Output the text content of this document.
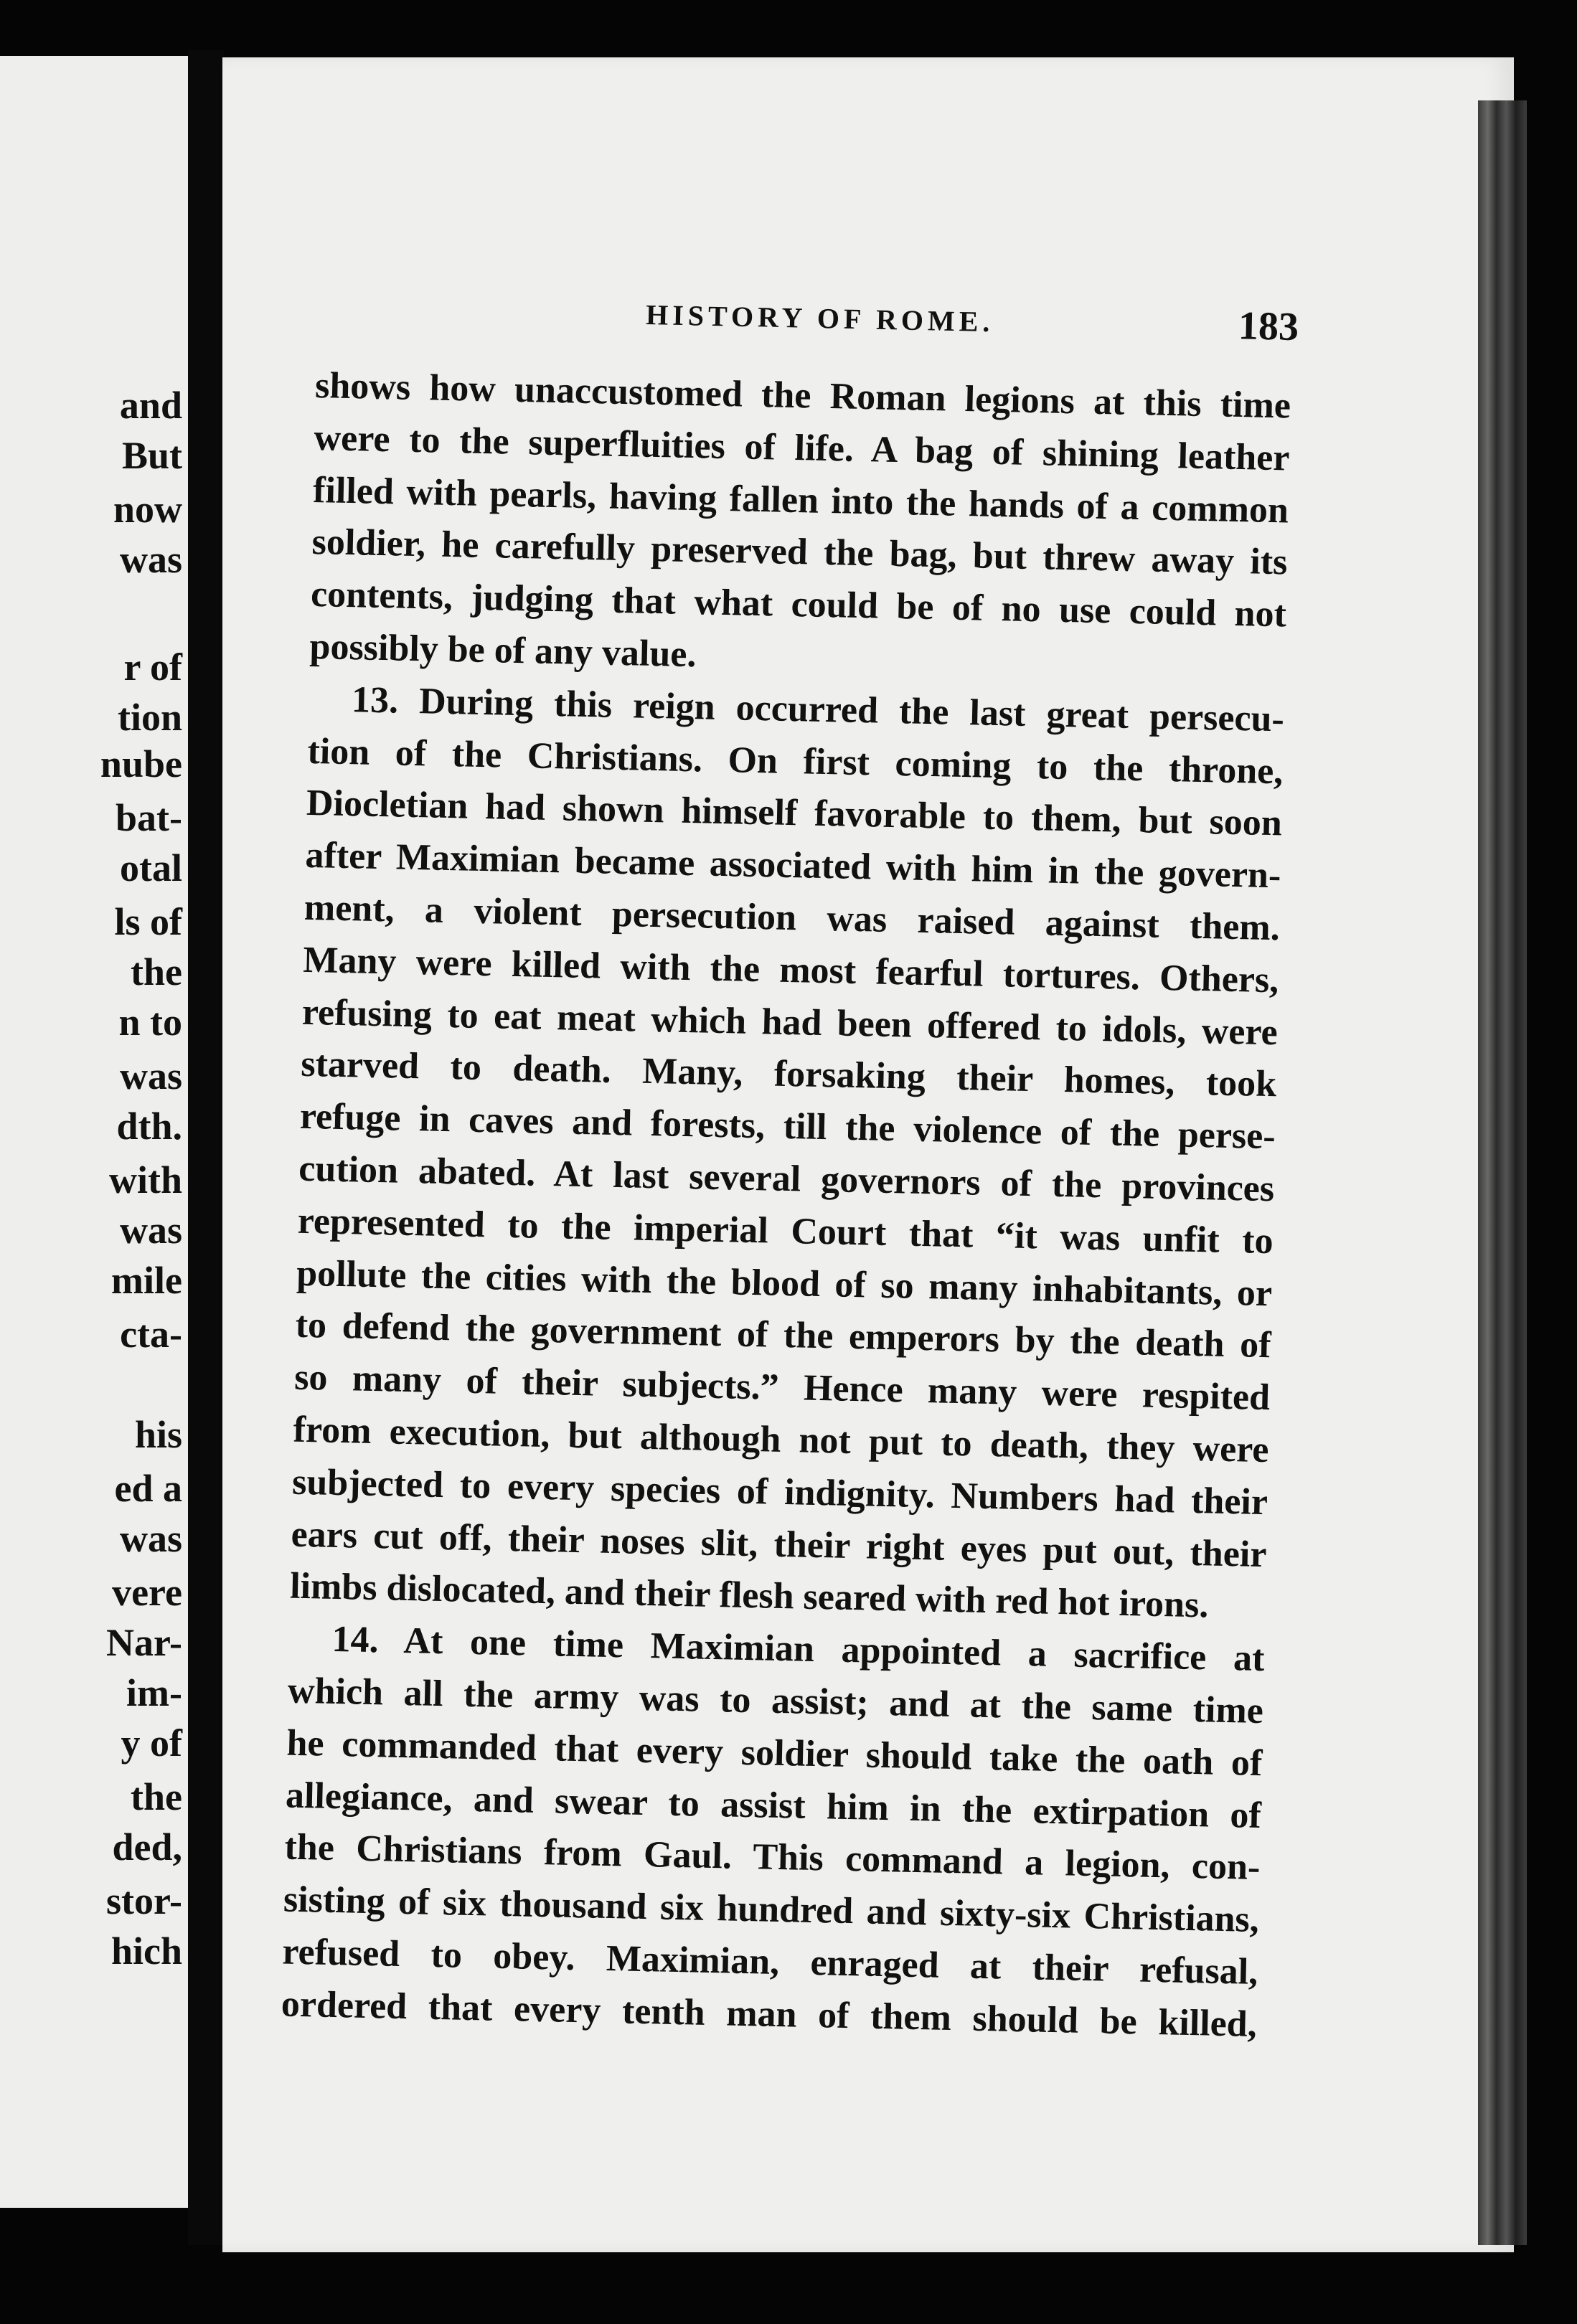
and
But
now
was
r of
tion
nube
bat-
otal
ls of
the
n to
was
dth.
with
was
mile
cta-
his
ed a
was
vere
Nar-
im-
y of
the
ded,
stor-
hich
HISTORY OF ROME.	183
shows how unaccustomed the Roman legions at this time
were to the superfluities of life. A bag of shining leather
filled with pearls, having fallen into the hands of a common
soldier, he carefully preserved the bag, but threw away its
contents, judging that what could be of no use could not
possibly be of any value.
13. During this reign occurred the last great persecu-
tion of the Christians. On first coming to the throne,
Diocletian had shown himself favorable to them, but soon
after Maximian became associated with him in the govern-
ment, a violent persecution was raised against them.
Many were killed with the most fearful tortures. Others,
refusing to eat meat which had been offered to idols, were
starved to death. Many, forsaking their homes, took
refuge in caves and forests, till the violence of the perse-
cution abated. At last several governors of the provinces
represented to the imperial Court that “it was unfit to
pollute the cities with the blood of so many inhabitants, or
to defend the government of the emperors by the death of
so many of their subjects.” Hence many were respited
from execution, but although not put to death, they were
subjected to every species of indignity. Numbers had their
ears cut off, their noses slit, their right eyes put out, their
limbs dislocated, and their flesh seared with red hot irons.
14. At one time Maximian appointed a sacrifice at
which all the army was to assist; and at the same time
he commanded that every soldier should take the oath of
allegiance, and swear to assist him in the extirpation of
the Christians from Gaul. This command a legion, con-
sisting of six thousand six hundred and sixty-six Christians,
refused to obey. Maximian, enraged at their refusal,
ordered that every tenth man of them should be killed,
